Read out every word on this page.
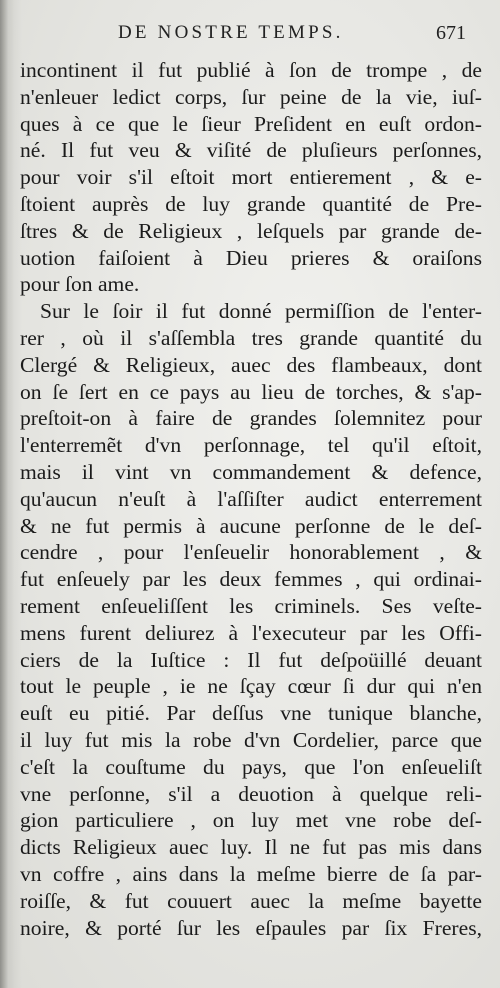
DE NOSTRE TEMPS.	671
incontinent il fut publié à ſon de trompe , de
n'enleuer ledict corps, ſur peine de la vie, iuſ-
ques à ce que le ſieur Preſident en euſt ordon-
né. Il fut veu & viſité de pluſieurs perſonnes,
pour voir s'il eſtoit mort entierement , & e-
ſtoient auprès de luy grande quantité de Pre-
ſtres & de Religieux , leſquels par grande de-
uotion faiſoient à Dieu prieres & oraiſons
pour ſon ame.
Sur le ſoir il fut donné permiſſion de l'enter-
rer , où il s'aſſembla tres grande quantité du
Clergé & Religieux, auec des flambeaux, dont
on ſe ſert en ce pays au lieu de torches, & s'ap-
preſtoit-on à faire de grandes ſolemnitez pour
l'enterremẽt d'vn perſonnage, tel qu'il eſtoit,
mais il vint vn commandement & defence,
qu'aucun n'euſt à l'aſſiſter audict enterrement
& ne fut permis à aucune perſonne de le deſ-
cendre , pour l'enſeuelir honorablement , &
fut enſeuely par les deux femmes , qui ordinai-
rement enſeueliſſent les criminels. Ses veſte-
mens furent deliurez à l'executeur par les Offi-
ciers de la Iuſtice : Il fut deſpoüillé deuant
tout le peuple , ie ne ſçay cœur ſi dur qui n'en
euſt eu pitié. Par deſſus vne tunique blanche,
il luy fut mis la robe d'vn Cordelier, parce que
c'eſt la couſtume du pays, que l'on enſeueliſt
vne perſonne, s'il a deuotion à quelque reli-
gion particuliere , on luy met vne robe deſ-
dicts Religieux auec luy. Il ne fut pas mis dans
vn coffre , ains dans la meſme bierre de ſa par-
roiſſe, & fut couuert auec la meſme bayette
noire, & porté ſur les eſpaules par ſix Freres,
